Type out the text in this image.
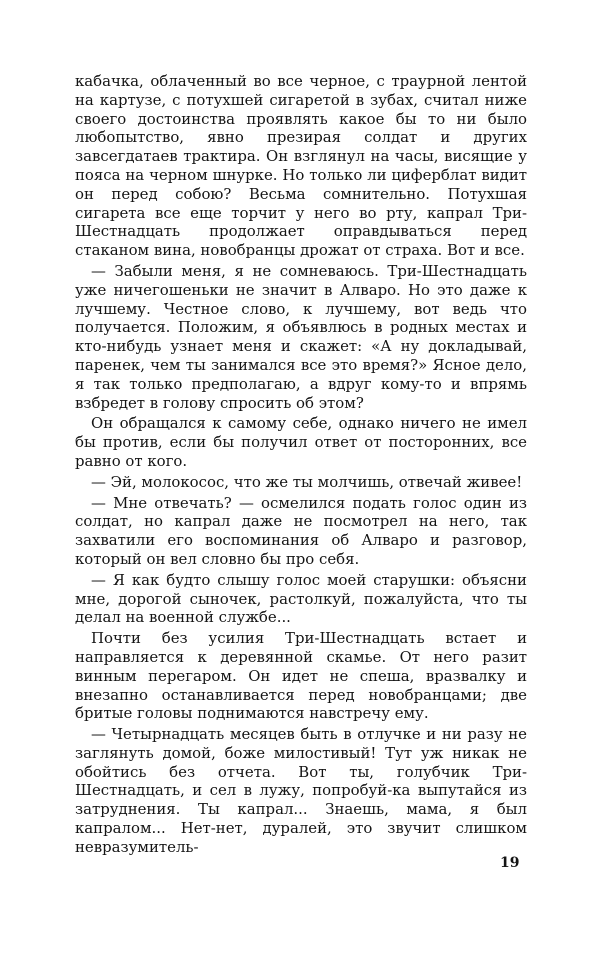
кабачка, облаченный во все черное, с траурной лентой на картузе, с потухшей сигаретой в зубах, считал ниже своего достоинства проявлять какое бы то ни было любопытство, явно презирая солдат и других завсегдатаев трактира. Он взглянул на часы, висящие у пояса на черном шнурке. Но только ли циферблат видит он перед собою? Весьма сомнительно. Потухшая сигарета все еще торчит у него во рту, капрал Три-Шестнадцать продолжает оправдываться перед стаканом вина, новобранцы дрожат от страха. Вот и все.

— Забыли меня, я не сомневаюсь. Три-Шестнадцать уже ничегошеньки не значит в Алваро. Но это даже к лучшему. Честное слово, к лучшему, вот ведь что получается. Положим, я объявлюсь в родных местах и кто-нибудь узнает меня и скажет: «А ну докладывай, паренек, чем ты занимался все это время?» Ясное дело, я так только предполагаю, а вдруг кому-то и впрямь взбредет в голову спросить об этом?

Он обращался к самому себе, однако ничего не имел бы против, если бы получил ответ от посторонних, все равно от кого.

— Эй, молокосос, что же ты молчишь, отвечай живее!

— Мне отвечать? — осмелился подать голос один из солдат, но капрал даже не посмотрел на него, так захватили его воспоминания об Алваро и разговор, который он вел словно бы про себя.

— Я как будто слышу голос моей старушки: объясни мне, дорогой сыночек, растолкуй, пожалуйста, что ты делал на военной службе...

Почти без усилия Три-Шестнадцать встает и направляется к деревянной скамье. От него разит винным перегаром. Он идет не спеша, вразвалку и внезапно останавливается перед новобранцами; две бритые головы поднимаются навстречу ему.

— Четырнадцать месяцев быть в отлучке и ни разу не заглянуть домой, боже милостивый! Тут уж никак не обойтись без отчета. Вот ты, голубчик Три-Шестнадцать, и сел в лужу, попробуй-ка выпутайся из затруднения. Ты капрал... Знаешь, мама, я был капралом... Нет-нет, дуралей, это звучит слишком невразумитель-

19
